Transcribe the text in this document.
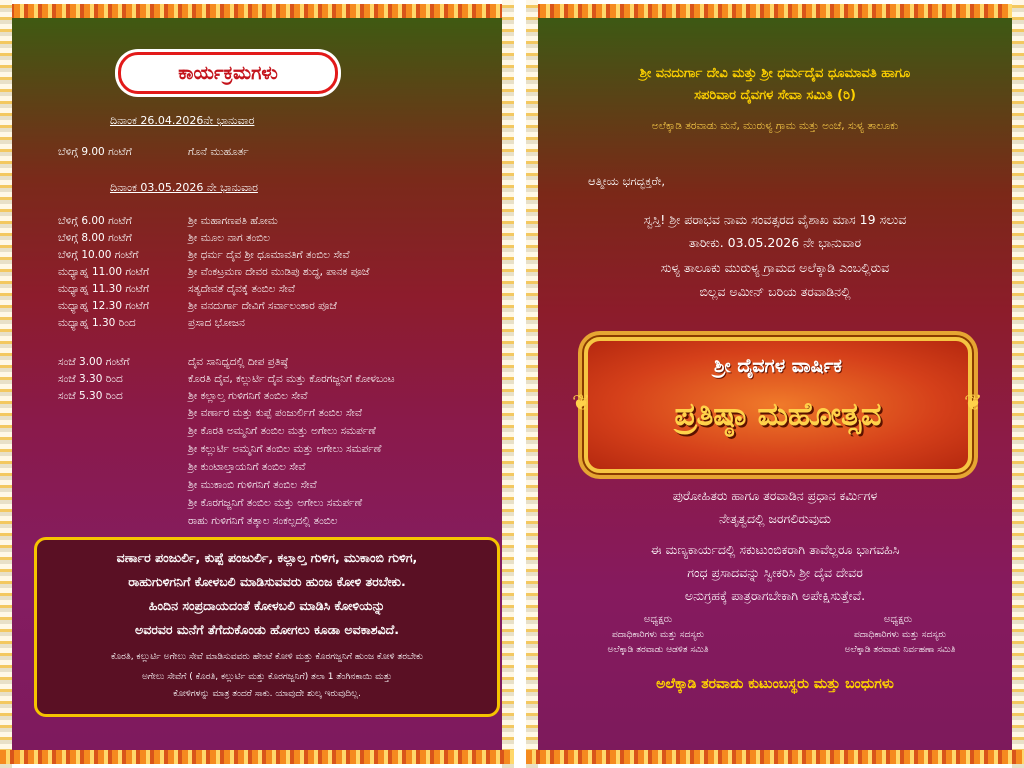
ಕಾರ್ಯಕ್ರಮಗಳು
ದಿನಾಂಕ 26.04.2026ನೇ ಭಾನುವಾರ
ಬೆಳಿಗ್ಗೆ 9.00 ಗಂಟೆಗೆ	ಗೊನೆ ಮುಹೂರ್ತ
ದಿನಾಂಕ 03.05.2026 ನೇ ಭಾನುವಾರ
ಬೆಳಿಗ್ಗೆ 6.00 ಗಂಟೆಗೆ	ಶ್ರೀ ಮಹಾಗಣಪತಿ ಹೋಮ
ಬೆಳಿಗ್ಗೆ 8.00 ಗಂಟೆಗೆ	ಶ್ರೀ ಮೂಲ ನಾಗ ತಂಬಿಲ
ಬೆಳಿಗ್ಗೆ 10.00 ಗಂಟೆಗೆ	ಶ್ರೀ ಧರ್ಮ ದೈವ ಶ್ರೀ ಧೂಮಾವತಿಗೆ ತಂಬಿಲ ಸೇವೆ
ಮಧ್ಯಾಹ್ನ 11.00 ಗಂಟೆಗೆ	ಶ್ರೀ ವೆಂಕಟ್ರಮಣ ದೇವರ ಮುಡಿಪು ಶುದ್ಧ, ಪಾನಕ ಪೂಜೆ
ಮಧ್ಯಾಹ್ನ 11.30 ಗಂಟೆಗೆ	ಸತ್ಯದೇವತೆ ದೈವಕ್ಕೆ ತಂಬಿಲ ಸೇವೆ
ಮಧ್ಯಾಹ್ನ 12.30 ಗಂಟೆಗೆ	ಶ್ರೀ ವನದುರ್ಗಾ ದೇವಿಗೆ ಸರ್ವಾಲಂಕಾರ ಪೂಜೆ
ಮಧ್ಯಾಹ್ನ 1.30 ರಿಂದ	ಪ್ರಸಾದ ಭೋಜನ
ಸಂಜೆ 3.00 ಗಂಟೆಗೆ	ದೈವ ಸಾನಿಧ್ಯದಲ್ಲಿ ದೀಪ ಪ್ರತಿಷ್ಠೆ
ಸಂಜೆ 3.30 ರಿಂದ	ಕೊರತಿ ದೈವ, ಕಲ್ಲುರ್ಟಿ ದೈವ ಮತ್ತು ಕೊರಗಜ್ಜನಿಗೆ ಕೋಳಬಂಟ
ಸಂಜೆ 5.30 ರಿಂದ	ಶ್ರೀ ಕಲ್ಲಾಲ್ತ ಗುಳಿಗನಿಗೆ ತಂಬಿಲ ಸೇವೆ
ಶ್ರೀ ವರ್ಣಾರ ಮತ್ತು ಕುಪ್ಪೆ ಪಂಜುರ್ಲಿಗೆ ತಂಬಿಲ ಸೇವೆ
ಶ್ರೀ ಕೊರತಿ ಅಮ್ಮನಿಗೆ ತಂಬಿಲ ಮತ್ತು ಅಗೇಲು ಸಮರ್ಪಣೆ
ಶ್ರೀ ಕಲ್ಲುರ್ಟಿ ಅಮ್ಮನಿಗೆ ತಂಬಿಲ ಮತ್ತು ಅಗೇಲು ಸಮರ್ಪಣೆ
ಶ್ರೀ ಕುಂಟಾಲ್ತಾಯನಿಗೆ ತಂಬಿಲ ಸೇವೆ
ಶ್ರೀ ಮುಕಾಂಬಿ ಗುಳಿಗನಿಗೆ ತಂಬಿಲ ಸೇವೆ
ಶ್ರೀ ಕೊರಗಜ್ಜನಿಗೆ ತಂಬಿಲ ಮತ್ತು ಅಗೇಲು ಸಮರ್ಪಣೆ
ರಾಹು ಗುಳಿಗನಿಗೆ ತತ್ಕಾಲ ಸಂಕಲ್ಪದಲ್ಲಿ ತಂಬಿಲ
ವರ್ಣಾರ ಪಂಜುರ್ಲಿ, ಕುಪ್ಪೆ ಪಂಜುರ್ಲಿ, ಕಲ್ಲಾಲ್ತ ಗುಳಿಗ, ಮುಕಾಂಬಿ ಗುಳಿಗ,
ರಾಹುಗುಳಿಗನಿಗೆ ಕೋಳಬಲಿ ಮಾಡಿಸುವವರು ಹುಂಜ ಕೋಳಿ ತರಬೇಕು.
ಹಿಂದಿನ ಸಂಪ್ರದಾಯದಂತೆ ಕೋಳಬಲಿ ಮಾಡಿಸಿ ಕೋಳಿಯನ್ನು
ಅವರವರ ಮನೆಗೆ ತೆಗೆದುಕೊಂಡು ಹೋಗಲು ಕೂಡಾ ಅವಕಾಶವಿದೆ.
ಕೊರತಿ, ಕಲ್ಲುರ್ಟಿ ಅಗೇಲು ಸೇವೆ ಮಾಡಿಸುವವರು ಹೇಂಟೆ ಕೋಳಿ ಮತ್ತು ಕೊರಗಜ್ಜನಿಗೆ ಹುಂಜ ಕೋಳಿ ತರಬೇಕು
ಅಗೇಲು ಸೇವೆಗೆ ( ಕೊರತಿ, ಕಲ್ಲುರ್ಟಿ ಮತ್ತು ಕೊರಗಜ್ಜನಿಗೆ) ತಲಾ 1 ತೆಂಗಿನಕಾಯಿ ಮತ್ತು
ಕೋಳಿಗಳನ್ನು ಮಾತ್ರ ತಂದರೆ ಸಾಕು. ಯಾವುದೇ ಶುಲ್ಕ ಇರುವುದಿಲ್ಲ.
ಶ್ರೀ ವನದುರ್ಗಾ ದೇವಿ ಮತ್ತು ಶ್ರೀ ಧರ್ಮದೈವ ಧೂಮಾವತಿ ಹಾಗೂ
ಸಪರಿವಾರ ದೈವಗಳ ಸೇವಾ ಸಮಿತಿ (ರಿ)
ಅಲೆಕ್ಕಾಡಿ ತರವಾಡು ಮನೆ, ಮುರುಳ್ಯ ಗ್ರಾಮ ಮತ್ತು ಅಂಚೆ, ಸುಳ್ಯ ತಾಲೂಕು
ಆತ್ಮೀಯ ಭಗದ್ಭಕ್ತರೇ,
ಸ್ವಸ್ತಿ! ಶ್ರೀ ಪರಾಭವ ನಾಮ ಸಂವತ್ಸರದ ವೈಶಾಖ ಮಾಸ 19 ಸಲುವ
ತಾರೀಕು. 03.05.2026 ನೇ ಭಾನುವಾರ
ಸುಳ್ಯ ತಾಲೂಕು ಮುರುಳ್ಯ ಗ್ರಾಮದ ಅಲೆಕ್ಕಾಡಿ ಎಂಬಲ್ಲಿರುವ
ಬಿಲ್ಲವ ಅಮೀನ್ ಬರಿಯ ತರವಾಡಿನಲ್ಲಿ
❦	❦
ಶ್ರೀ ದೈವಗಳ ವಾರ್ಷಿಕ
ಪ್ರತಿಷ್ಠಾ ಮಹೋತ್ಸವ
ಪುರೋಹಿತರು ಹಾಗೂ ತರವಾಡಿನ ಪ್ರಧಾನ ಕರ್ಮಿಗಳ
ನೇತೃತ್ವದಲ್ಲಿ ಜರಗಲಿರುವುದು
ಈ ಮಣ್ಯಕಾರ್ಯದಲ್ಲಿ ಸಕುಟುಂಬಿಕರಾಗಿ ತಾವೆಲ್ಲರೂ ಭಾಗವಹಿಸಿ
ಗಂಧ ಪ್ರಸಾದವನ್ನು ಸ್ವೀಕರಿಸಿ ಶ್ರೀ ದೈವ ದೇವರ
ಅನುಗ್ರಹಕ್ಕೆ ಪಾತ್ರರಾಗಬೇಕಾಗಿ ಅಪೇಕ್ಷಿಸುತ್ತೇವೆ.
ಅಧ್ಯಕ್ಷರು
ಪದಾಧಿಕಾರಿಗಳು ಮತ್ತು ಸದಸ್ಯರು
ಅಲೆಕ್ಕಾಡಿ ತರವಾಡು ಆಡಳಿತ ಸಮಿತಿ
ಅಧ್ಯಕ್ಷರು
ಪದಾಧಿಕಾರಿಗಳು ಮತ್ತು ಸದಸ್ಯರು
ಅಲೆಕ್ಕಾಡಿ ತರವಾಡು ನಿರ್ವಹಣಾ ಸಮಿತಿ
ಅಲೆಕ್ಕಾಡಿ ತರವಾಡು ಕುಟುಂಬಸ್ಥರು ಮತ್ತು ಬಂಧುಗಳು
